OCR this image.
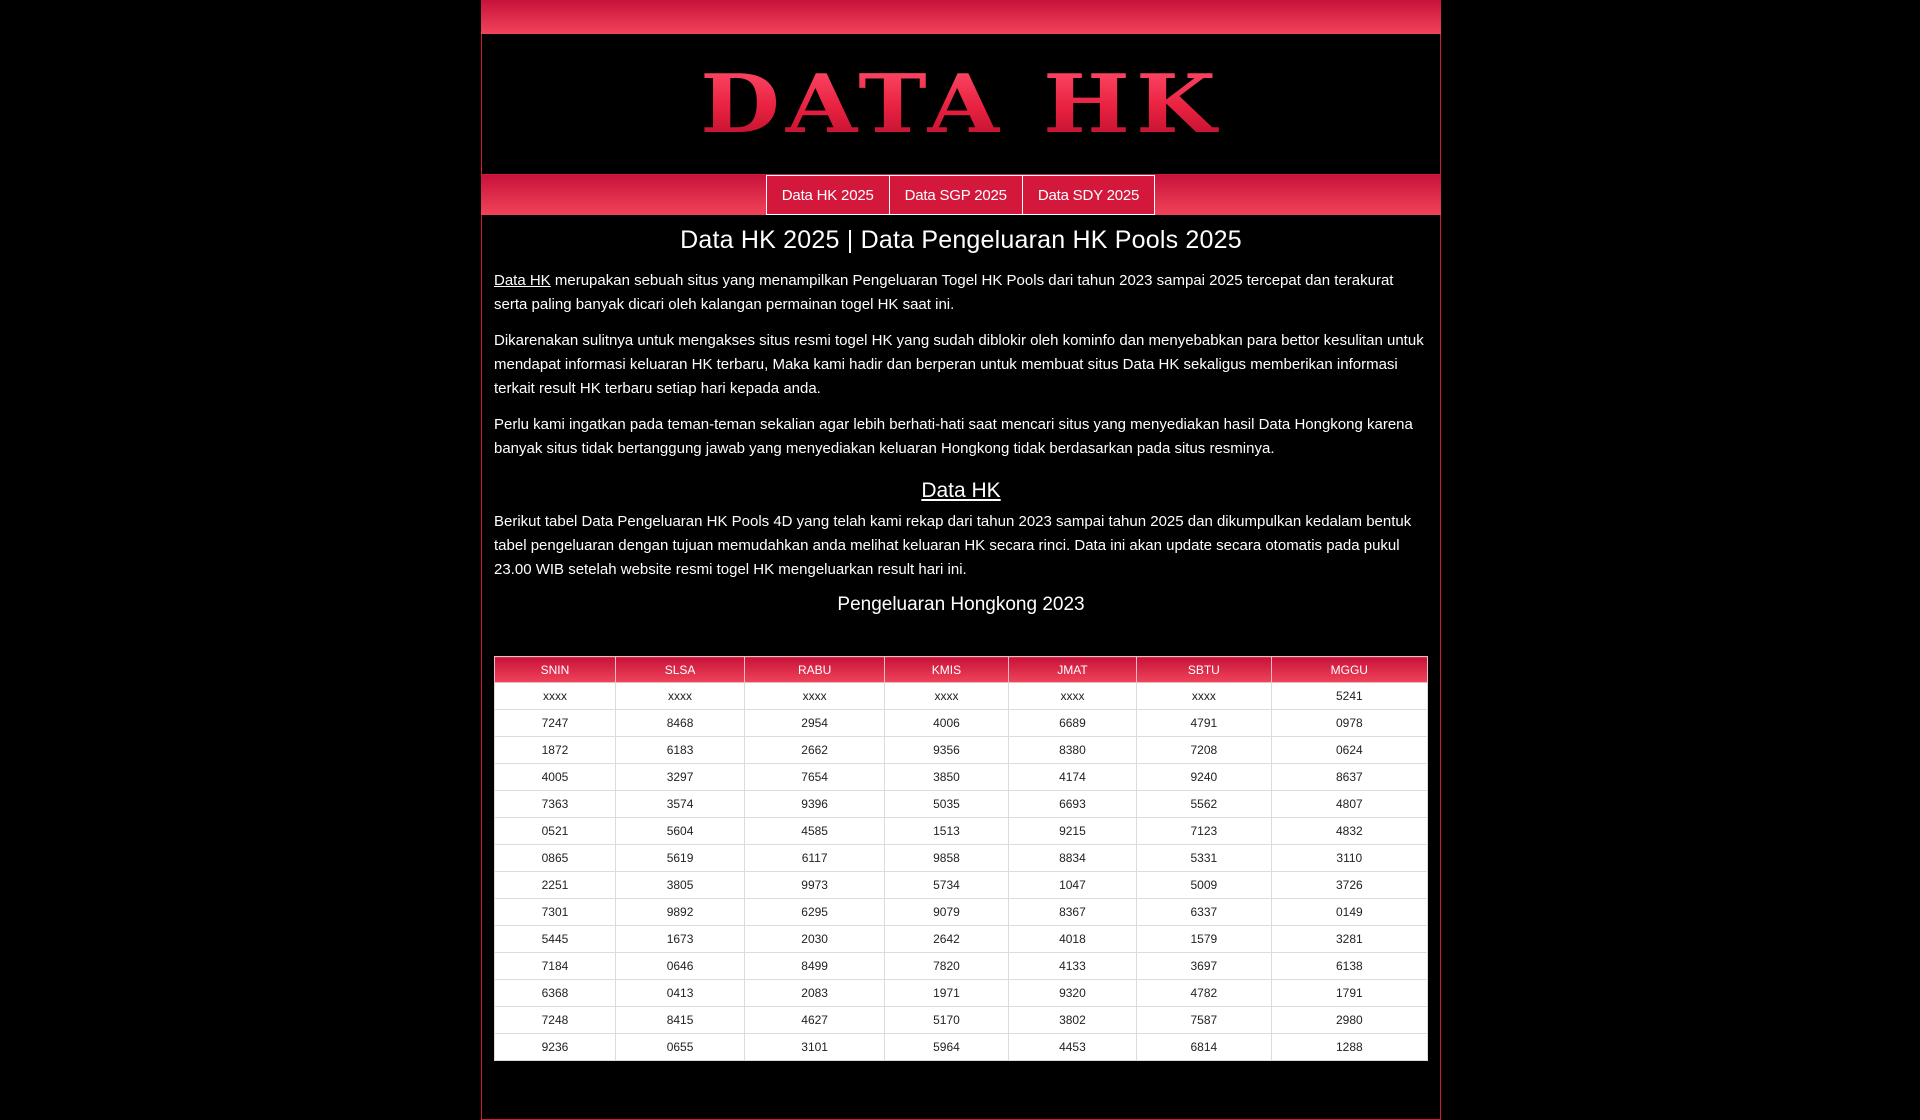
DATA HK
Data HK 2025	Data SGP 2025	Data SDY 2025
Data HK 2025 | Data Pengeluaran HK Pools 2025

Data HK merupakan sebuah situs yang menampilkan Pengeluaran Togel HK Pools dari tahun 2023 sampai 2025 tercepat dan terakurat serta paling banyak dicari oleh kalangan permainan togel HK saat ini.

Dikarenakan sulitnya untuk mengakses situs resmi togel HK yang sudah diblokir oleh kominfo dan menyebabkan para bettor kesulitan untuk mendapat informasi keluaran HK terbaru, Maka kami hadir dan berperan untuk membuat situs Data HK sekaligus memberikan informasi terkait result HK terbaru setiap hari kepada anda.

Perlu kami ingatkan pada teman-teman sekalian agar lebih berhati-hati saat mencari situs yang menyediakan hasil Data Hongkong karena banyak situs tidak bertanggung jawab yang menyediakan keluaran Hongkong tidak berdasarkan pada situs resminya.

Data HK

Berikut tabel Data Pengeluaran HK Pools 4D yang telah kami rekap dari tahun 2023 sampai tahun 2025 dan dikumpulkan kedalam bentuk tabel pengeluaran dengan tujuan memudahkan anda melihat keluaran HK secara rinci. Data ini akan update secara otomatis pada pukul 23.00 WIB setelah website resmi togel HK mengeluarkan result hari ini.

Pengeluaran Hongkong 2023
SNIN	SLSA	RABU	KMIS	JMAT	SBTU	MGGU
xxxx	xxxx	xxxx	xxxx	xxxx	xxxx	5241
7247	8468	2954	4006	6689	4791	0978
1872	6183	2662	9356	8380	7208	0624
4005	3297	7654	3850	4174	9240	8637
7363	3574	9396	5035	6693	5562	4807
0521	5604	4585	1513	9215	7123	4832
0865	5619	6117	9858	8834	5331	3110
2251	3805	9973	5734	1047	5009	3726
7301	9892	6295	9079	8367	6337	0149
5445	1673	2030	2642	4018	1579	3281
7184	0646	8499	7820	4133	3697	6138
6368	0413	2083	1971	9320	4782	1791
7248	8415	4627	5170	3802	7587	2980
9236	0655	3101	5964	4453	6814	1288
